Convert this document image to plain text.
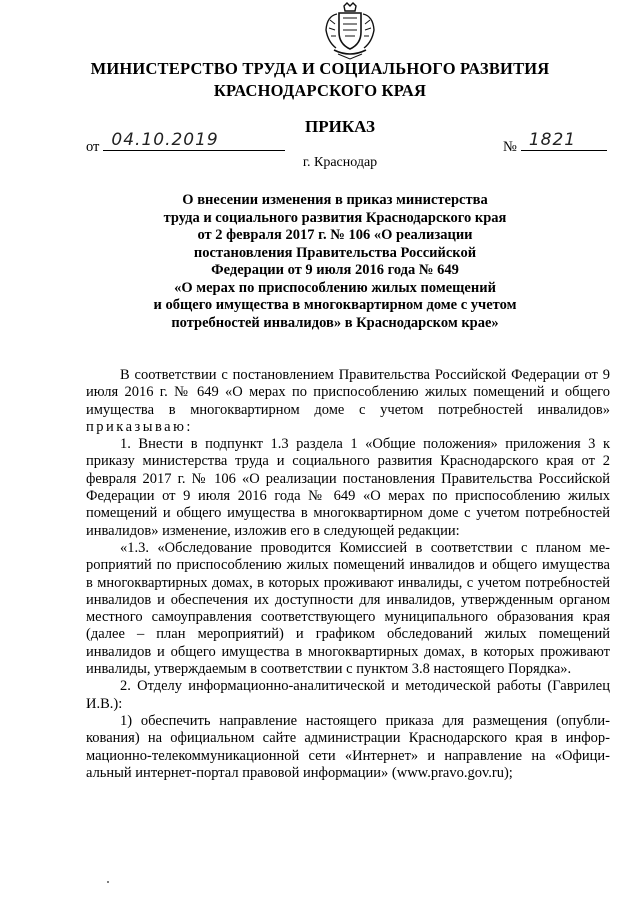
МИНИСТЕРСТВО ТРУДА И СОЦИАЛЬНОГО РАЗВИТИЯ
КРАСНОДАРСКОГО КРАЯ
ПРИКАЗ
от 04.10.2019	№ 1821
г. Краснодар
О внесении изменения в приказ министерства
труда и социального развития Краснодарского края
от 2 февраля 2017 г. № 106 «О реализации
постановления Правительства Российской
Федерации от 9 июля 2016 года № 649
«О мерах по приспособлению жилых помещений
и общего имущества в многоквартирном доме с учетом
потребностей инвалидов» в Краснодарском крае»

В соответствии с постановлением Правительства Российской Федерации от 9 июля 2016 г. № 649 «О мерах по приспособлению жилых помещений и общего имущества в многоквартирном доме с учетом потребностей инвалидов» приказываю:

1. Внести в подпункт 1.3 раздела 1 «Общие положения» приложения 3 к приказу министерства труда и социального развития Краснодарского края от 2 февраля 2017 г. № 106 «О реализации постановления Правительства Российской Федерации от 9 июля 2016 года № 649 «О мерах по приспособлению жилых помещений и общего имущества в многоквартирном доме с учетом потребностей инвалидов» изменение, изложив его в следующей редакции:

«1.3. «Обследование проводится Комиссией в соответствии с планом мероприятий по приспособлению жилых помещений инвалидов и общего имущества в многоквартирных домах, в которых проживают инвалиды, с учетом потребностей инвалидов и обеспечения их доступности для инвалидов, утвержденным органом местного самоуправления соответствующего муниципального образования края (далее – план мероприятий) и графиком обследований жилых помещений инвалидов и общего имущества в многоквартирных домах, в которых проживают инвалиды, утверждаемым в соответствии с пунктом 3.8 настоящего Порядка».

2. Отделу информационно-аналитической и методической работы (Гаврилец И.В.):

1) обеспечить направление настоящего приказа для размещения (опубликования) на официальном сайте администрации Краснодарского края в информационно-телекоммуникационной сети «Интернет» и направление на «Официальный интернет-портал правовой информации» (www.pravo.gov.ru);
